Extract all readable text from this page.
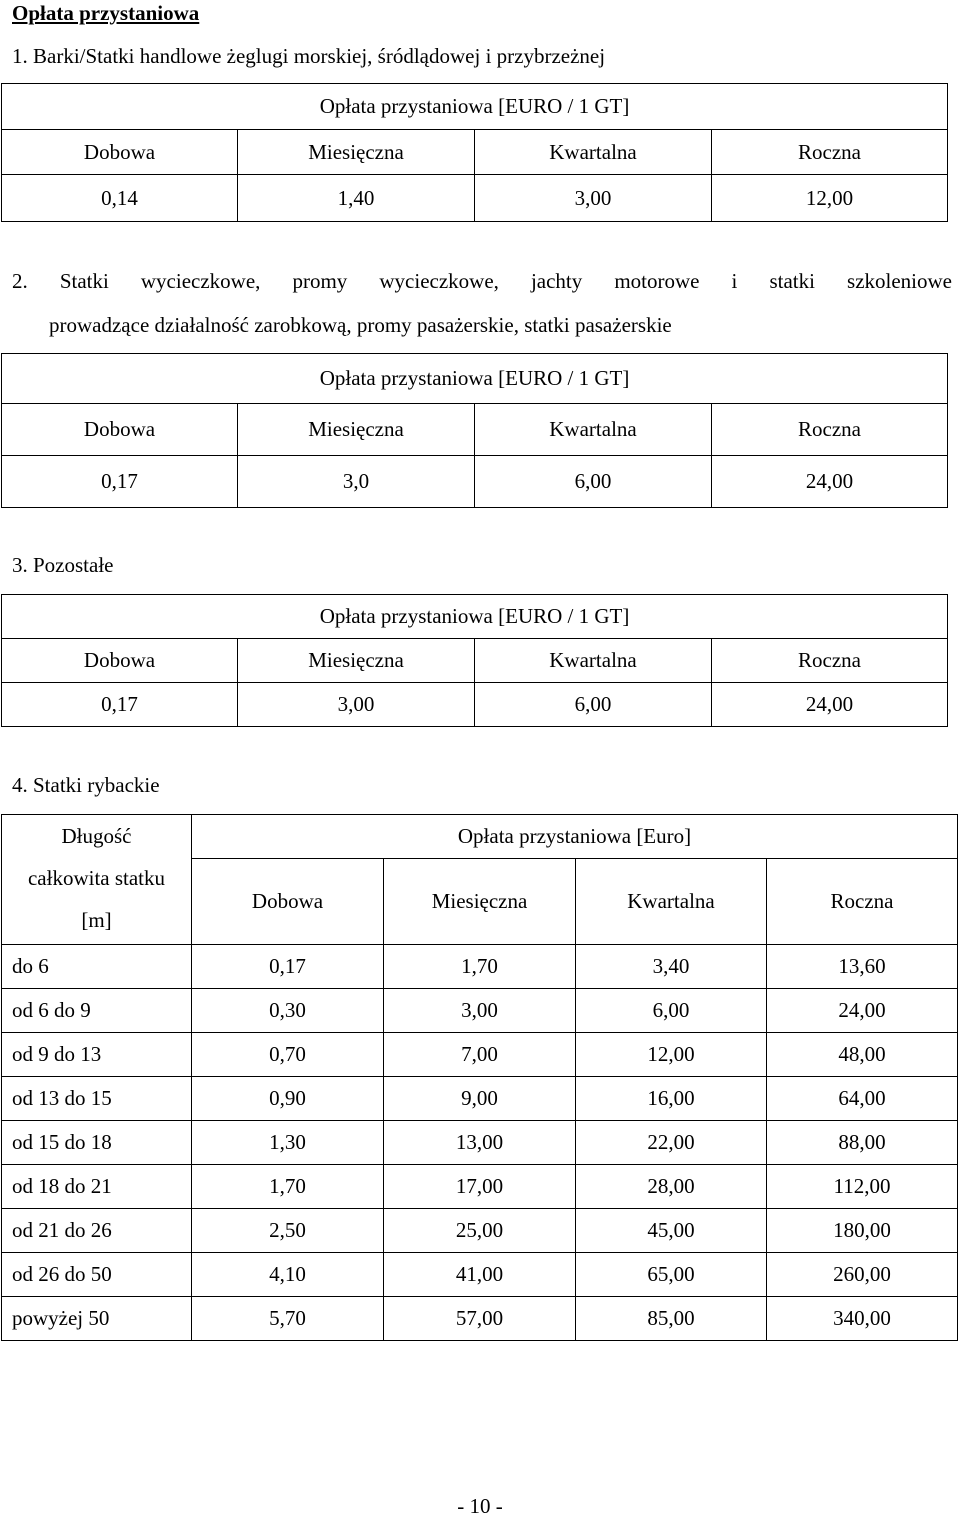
Opłata przystaniowa
1. Barki/Statki handlowe żeglugi morskiej, śródlądowej i przybrzeżnej
Opłata przystaniowa [EURO / 1 GT]			
Dobowa	Miesięczna	Kwartalna	Roczna
0,14	1,40	3,00	12,00
2. Statki wycieczkowe, promy wycieczkowe, jachty motorowe i statki szkoleniowe
prowadzące działalność zarobkową, promy pasażerskie, statki pasażerskie
Opłata przystaniowa [EURO / 1 GT]			
Dobowa	Miesięczna	Kwartalna	Roczna
0,17	3,0	6,00	24,00
3. Pozostałe
Opłata przystaniowa [EURO / 1 GT]			
Dobowa	Miesięczna	Kwartalna	Roczna
0,17	3,00	6,00	24,00
4. Statki rybackie
Długość
całkowita statku
[m]	Opłata przystaniowa [Euro]			
	Dobowa	Miesięczna	Kwartalna	Roczna
do 6	0,17	1,70	3,40	13,60
od 6 do 9	0,30	3,00	6,00	24,00
od 9 do 13	0,70	7,00	12,00	48,00
od 13 do 15	0,90	9,00	16,00	64,00
od 15 do 18	1,30	13,00	22,00	88,00
od 18 do 21	1,70	17,00	28,00	112,00
od 21 do 26	2,50	25,00	45,00	180,00
od 26 do 50	4,10	41,00	65,00	260,00
powyżej 50	5,70	57,00	85,00	340,00
- 10 -
